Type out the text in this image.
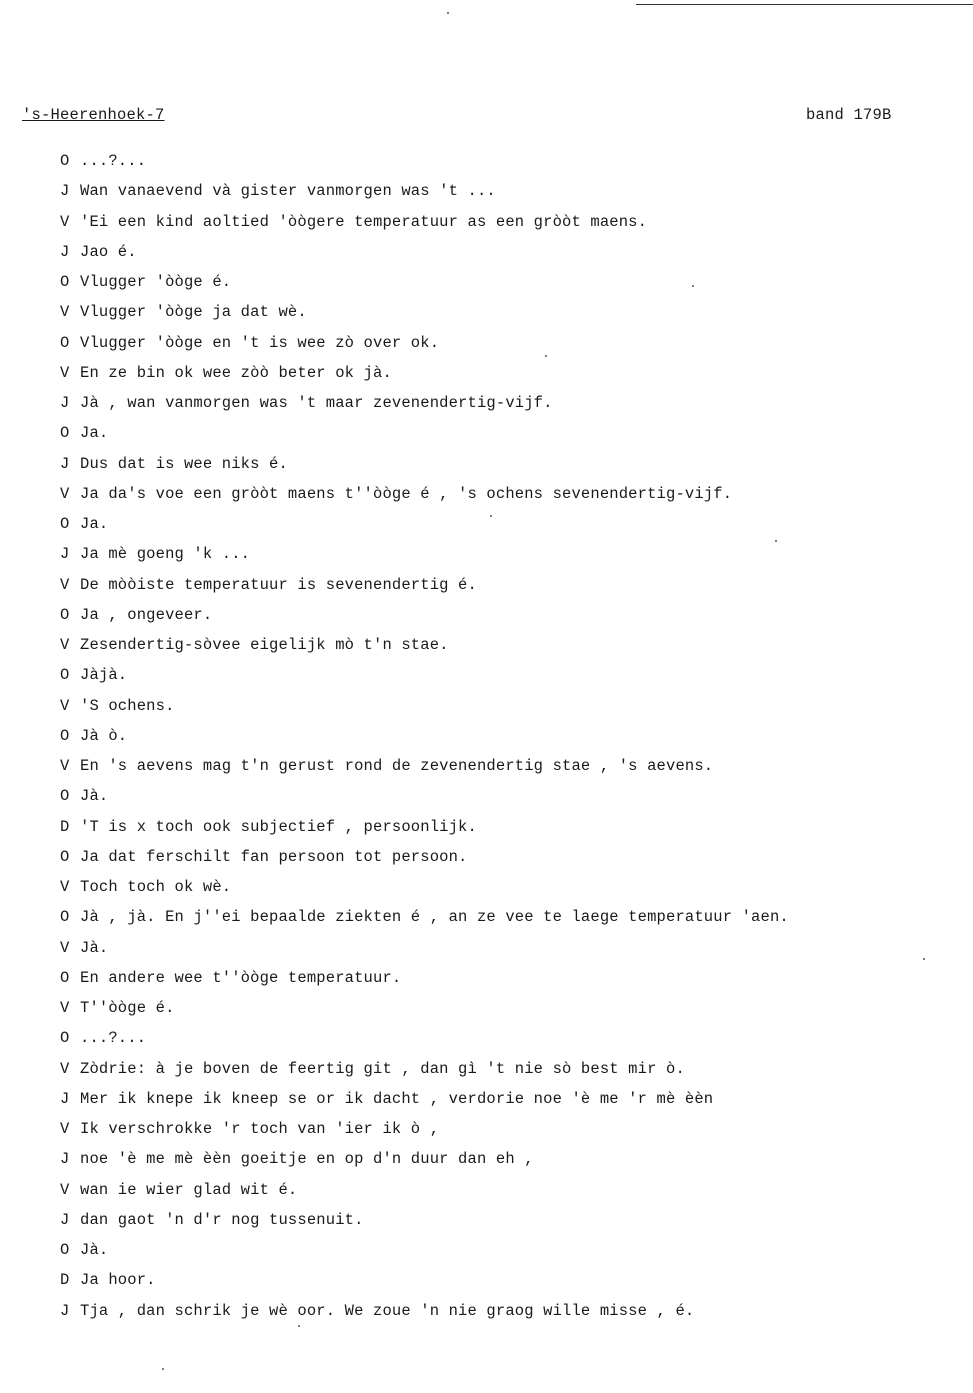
's-Heerenhoek-7	band 179B
O ...?...
J Wan vanaevend và gister vanmorgen was 't ...
V 'Ei een kind aoltied 'òògere temperatuur as een gròòt maens.
J Jao é.
O Vlugger 'òòge é.
V Vlugger 'òòge ja dat wè.
O Vlugger 'òòge en 't is wee zò over ok.
V En ze bin ok wee zòò beter ok jà.
J Jà , wan vanmorgen was 't maar zevenendertig-vijf.
O Ja.
J Dus dat is wee niks é.
V Ja da's voe een gròòt maens t''òòge é , 's ochens sevenendertig-vijf.
O Ja.
J Ja mè goeng 'k ...
V De mòòiste temperatuur is sevenendertig é.
O Ja , ongeveer.
V Zesendertig-sòvee eigelijk mò t'n stae.
O Jàjà.
V 'S ochens.
O Jà ò.
V En 's aevens mag t'n gerust rond de zevenendertig stae , 's aevens.
O Jà.
D 'T is x toch ook subjectief , persoonlijk.
O Ja dat ferschilt fan persoon tot persoon.
V Toch toch ok wè.
O Jà , jà. En j''ei bepaalde ziekten é , an ze vee te laege temperatuur 'aen.
V Jà.
O En andere wee t''òòge temperatuur.
V T''òòge é.
O ...?...
V Zòdrie: à je boven de feertig git , dan gì 't nie sò best mir ò.
J Mer ik knepe ik kneep se or ik dacht , verdorie noe 'è me 'r mè èèn
V Ik verschrokke 'r toch van 'ier ik ò ,
J noe 'è me mè èèn goeitje en op d'n duur dan eh ,
V wan ie wier glad wit é.
J dan gaot 'n d'r nog tussenuit.
O Jà.
D Ja hoor.
J Tja , dan schrik je wè oor. We zoue 'n nie graog wille misse , é.
